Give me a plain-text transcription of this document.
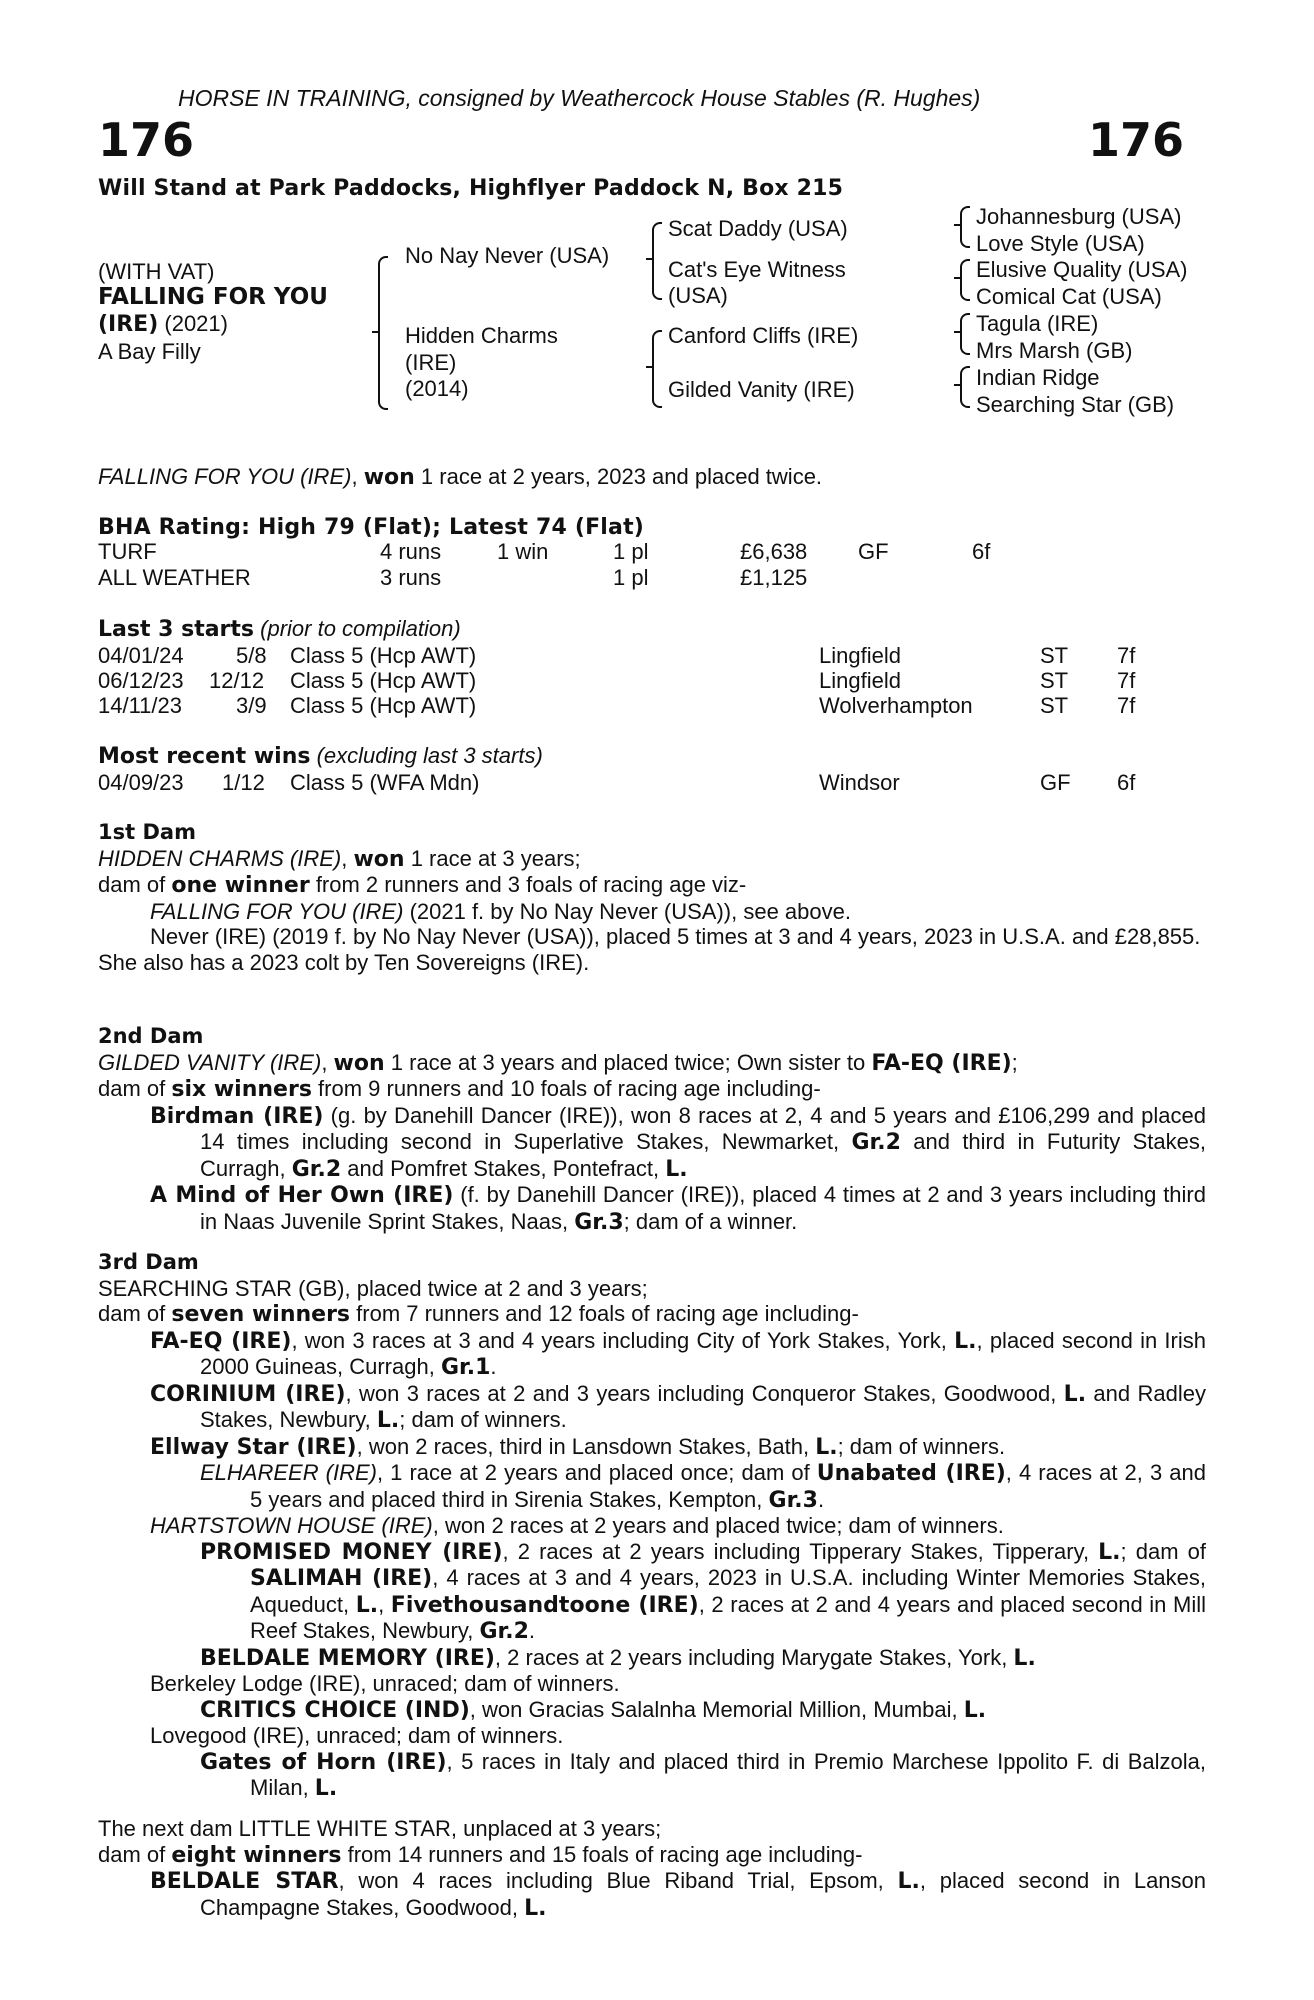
HORSE IN TRAINING, consigned by Weathercock House Stables (R. Hughes)
176	176
Will Stand at Park Paddocks, Highflyer Paddock N, Box 215
(WITH VAT)
FALLING FOR YOU
(IRE) (2021)
A Bay Filly
No Nay Never (USA)
Hidden Charms
(IRE)
(2014)
Scat Daddy (USA)
Cat's Eye Witness
(USA)
Canford Cliffs (IRE)
Gilded Vanity (IRE)
Johannesburg (USA)
Love Style (USA)
Elusive Quality (USA)
Comical Cat (USA)
Tagula (IRE)
Mrs Marsh (GB)
Indian Ridge
Searching Star (GB)
FALLING FOR YOU (IRE), won 1 race at 2 years, 2023 and placed twice.
BHA Rating: High 79 (Flat); Latest 74 (Flat)
TURF	4 runs	1 win	1 pl	£6,638 GF	6f
ALL WEATHER	3 runs	1 pl	£1,125
Last 3 starts (prior to compilation)
04/01/24 5/8 Class 5 (Hcp AWT)	Lingfield	ST 7f
06/12/23 12/12 Class 5 (Hcp AWT)	Lingfield	ST 7f
14/11/23 3/9 Class 5 (Hcp AWT)	Wolverhampton	ST 7f
Most recent wins (excluding last 3 starts)
04/09/23 1/12 Class 5 (WFA Mdn)	Windsor	GF 6f

1st Dam

HIDDEN CHARMS (IRE), won 1 race at 3 years;

dam of one winner from 2 runners and 3 foals of racing age viz-

FALLING FOR YOU (IRE) (2021 f. by No Nay Never (USA)), see above.

Never (IRE) (2019 f. by No Nay Never (USA)), placed 5 times at 3 and 4 years, 2023 in U.S.A. and £28,855.

She also has a 2023 colt by Ten Sovereigns (IRE).

2nd Dam

GILDED VANITY (IRE), won 1 race at 3 years and placed twice; Own sister to FA-EQ (IRE);

dam of six winners from 9 runners and 10 foals of racing age including-

Birdman (IRE) (g. by Danehill Dancer (IRE)), won 8 races at 2, 4 and 5 years and £106,299 and placed 14 times including second in Superlative Stakes, Newmarket, Gr.2 and third in Futurity Stakes, Curragh, Gr.2 and Pomfret Stakes, Pontefract, L.

A Mind of Her Own (IRE) (f. by Danehill Dancer (IRE)), placed 4 times at 2 and 3 years including third in Naas Juvenile Sprint Stakes, Naas, Gr.3; dam of a winner.

3rd Dam

SEARCHING STAR (GB), placed twice at 2 and 3 years;

dam of seven winners from 7 runners and 12 foals of racing age including-

FA-EQ (IRE), won 3 races at 3 and 4 years including City of York Stakes, York, L., placed second in Irish 2000 Guineas, Curragh, Gr.1.

CORINIUM (IRE), won 3 races at 2 and 3 years including Conqueror Stakes, Goodwood, L. and Radley Stakes, Newbury, L.; dam of winners.

Ellway Star (IRE), won 2 races, third in Lansdown Stakes, Bath, L.; dam of winners.

ELHAREER (IRE), 1 race at 2 years and placed once; dam of Unabated (IRE), 4 races at 2, 3 and 5 years and placed third in Sirenia Stakes, Kempton, Gr.3.

HARTSTOWN HOUSE (IRE), won 2 races at 2 years and placed twice; dam of winners.

PROMISED MONEY (IRE), 2 races at 2 years including Tipperary Stakes, Tipperary, L.; dam of SALIMAH (IRE), 4 races at 3 and 4 years, 2023 in U.S.A. including Winter Memories Stakes, Aqueduct, L., Fivethousandtoone (IRE), 2 races at 2 and 4 years and placed second in Mill Reef Stakes, Newbury, Gr.2.

BELDALE MEMORY (IRE), 2 races at 2 years including Marygate Stakes, York, L.

Berkeley Lodge (IRE), unraced; dam of winners.

CRITICS CHOICE (IND), won Gracias Salalnha Memorial Million, Mumbai, L.

Lovegood (IRE), unraced; dam of winners.

Gates of Horn (IRE), 5 races in Italy and placed third in Premio Marchese Ippolito F. di Balzola, Milan, L.

The next dam LITTLE WHITE STAR, unplaced at 3 years;

dam of eight winners from 14 runners and 15 foals of racing age including-

BELDALE STAR, won 4 races including Blue Riband Trial, Epsom, L., placed second in Lanson Champagne Stakes, Goodwood, L.
